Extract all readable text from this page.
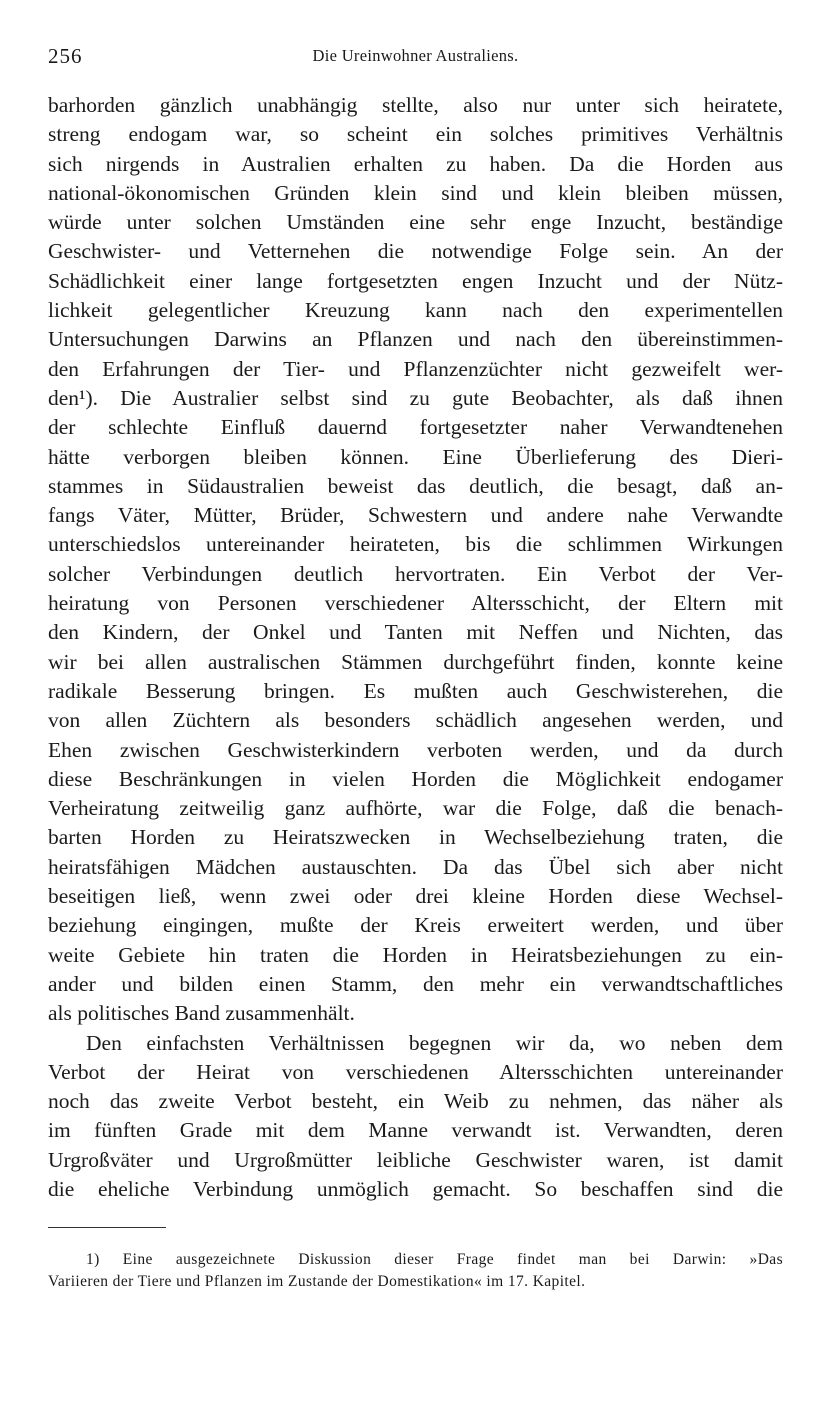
256	Die Ureinwohner Australiens.
barhorden gänzlich unabhängig stellte, also nur unter sich heiratete,
streng endogam war, so scheint ein solches primitives Verhältnis
sich nirgends in Australien erhalten zu haben. Da die Horden aus
national-ökonomischen Gründen klein sind und klein bleiben müssen,
würde unter solchen Umständen eine sehr enge Inzucht, beständige
Geschwister- und Vetternehen die notwendige Folge sein. An der
Schädlichkeit einer lange fortgesetzten engen Inzucht und der Nütz-
lichkeit gelegentlicher Kreuzung kann nach den experimentellen
Untersuchungen Darwins an Pflanzen und nach den übereinstimmen-
den Erfahrungen der Tier- und Pflanzenzüchter nicht gezweifelt wer-
den¹). Die Australier selbst sind zu gute Beobachter, als daß ihnen
der schlechte Einfluß dauernd fortgesetzter naher Verwandtenehen
hätte verborgen bleiben können. Eine Überlieferung des Dieri-
stammes in Südaustralien beweist das deutlich, die besagt, daß an-
fangs Väter, Mütter, Brüder, Schwestern und andere nahe Verwandte
unterschiedslos untereinander heirateten, bis die schlimmen Wirkungen
solcher Verbindungen deutlich hervortraten. Ein Verbot der Ver-
heiratung von Personen verschiedener Altersschicht, der Eltern mit
den Kindern, der Onkel und Tanten mit Neffen und Nichten, das
wir bei allen australischen Stämmen durchgeführt finden, konnte keine
radikale Besserung bringen. Es mußten auch Geschwisterehen, die
von allen Züchtern als besonders schädlich angesehen werden, und
Ehen zwischen Geschwisterkindern verboten werden, und da durch
diese Beschränkungen in vielen Horden die Möglichkeit endogamer
Verheiratung zeitweilig ganz aufhörte, war die Folge, daß die benach-
barten Horden zu Heiratszwecken in Wechselbeziehung traten, die
heiratsfähigen Mädchen austauschten. Da das Übel sich aber nicht
beseitigen ließ, wenn zwei oder drei kleine Horden diese Wechsel-
beziehung eingingen, mußte der Kreis erweitert werden, und über
weite Gebiete hin traten die Horden in Heiratsbeziehungen zu ein-
ander und bilden einen Stamm, den mehr ein verwandtschaftliches
als politisches Band zusammenhält.
Den einfachsten Verhältnissen begegnen wir da, wo neben dem
Verbot der Heirat von verschiedenen Altersschichten untereinander
noch das zweite Verbot besteht, ein Weib zu nehmen, das näher als
im fünften Grade mit dem Manne verwandt ist. Verwandten, deren
Urgroßväter und Urgroßmütter leibliche Geschwister waren, ist damit
die eheliche Verbindung unmöglich gemacht. So beschaffen sind die
1) Eine ausgezeichnete Diskussion dieser Frage findet man bei Darwin: »Das
Variieren der Tiere und Pflanzen im Zustande der Domestikation« im 17. Kapitel.
